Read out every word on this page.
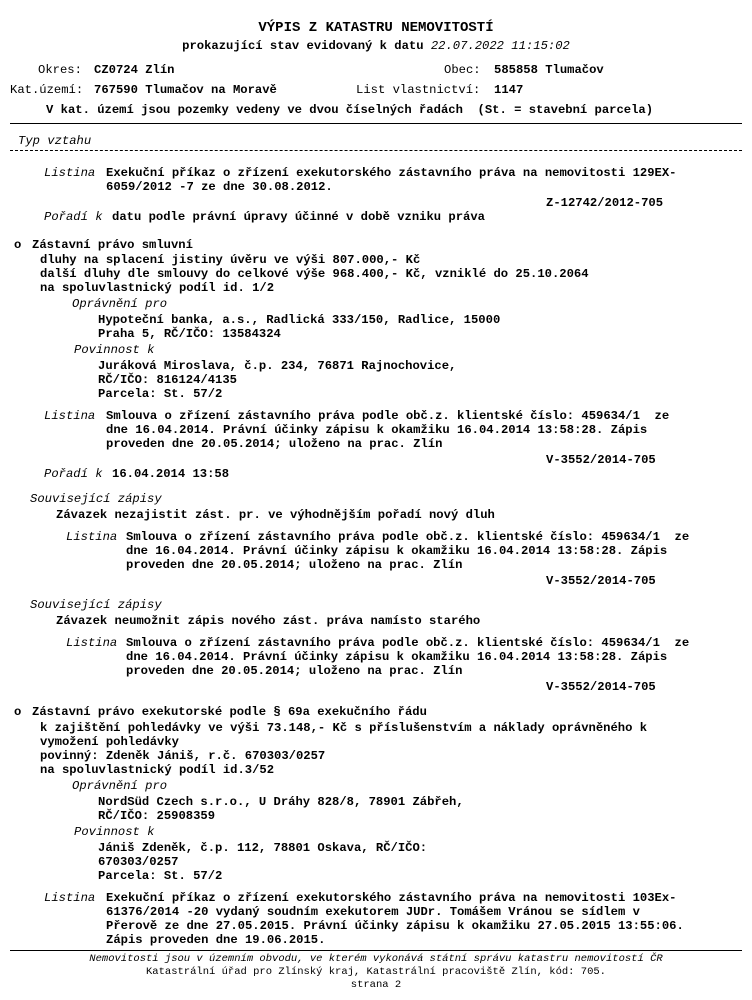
VÝPIS Z KATASTRU NEMOVITOSTÍ
prokazující stav evidovaný k datu 22.07.2022 11:15:02
Okres: CZ0724 Zlín	Obec: 585858 Tlumačov
Kat.území: 767590 Tlumačov na Moravě	List vlastnictví: 1147
V kat. území jsou pozemky vedeny ve dvou číselných řadách  (St. = stavební parcela)
Typ vztahu
Listina Exekuční příkaz o zřízení exekutorského zástavního práva na nemovitosti 129EX-
6059/2012 -7 ze dne 30.08.2012.
Z-12742/2012-705
Pořadí k datu podle právní úpravy účinné v době vzniku práva
o Zástavní právo smluvní
dluhy na splacení jistiny úvěru ve výši 807.000,- Kč
další dluhy dle smlouvy do celkové výše 968.400,- Kč, vzniklé do 25.10.2064
na spoluvlastnický podíl id. 1/2
Oprávnění pro
Hypoteční banka, a.s., Radlická 333/150, Radlice, 15000
Praha 5, RČ/IČO: 13584324
Povinnost k
Juráková Miroslava, č.p. 234, 76871 Rajnochovice,
RČ/IČO: 816124/4135
Parcela: St. 57/2
Listina Smlouva o zřízení zástavního práva podle obč.z. klientské číslo: 459634/1  ze
dne 16.04.2014. Právní účinky zápisu k okamžiku 16.04.2014 13:58:28. Zápis
proveden dne 20.05.2014; uloženo na prac. Zlín
V-3552/2014-705
Pořadí k 16.04.2014 13:58
Související zápisy
Závazek nezajistit zást. pr. ve výhodnějším pořadí nový dluh
Listina Smlouva o zřízení zástavního práva podle obč.z. klientské číslo: 459634/1  ze
dne 16.04.2014. Právní účinky zápisu k okamžiku 16.04.2014 13:58:28. Zápis
proveden dne 20.05.2014; uloženo na prac. Zlín
V-3552/2014-705
Související zápisy
Závazek neumožnit zápis nového zást. práva namísto starého
Listina Smlouva o zřízení zástavního práva podle obč.z. klientské číslo: 459634/1  ze
dne 16.04.2014. Právní účinky zápisu k okamžiku 16.04.2014 13:58:28. Zápis
proveden dne 20.05.2014; uloženo na prac. Zlín
V-3552/2014-705
o Zástavní právo exekutorské podle § 69a exekučního řádu
k zajištění pohledávky ve výši 73.148,- Kč s příslušenstvím a náklady oprávněného k
vymožení pohledávky
povinný: Zdeněk Jániš, r.č. 670303/0257
na spoluvlastnický podíl id.3/52
Oprávnění pro
NordSüd Czech s.r.o., U Dráhy 828/8, 78901 Zábřeh,
RČ/IČO: 25908359
Povinnost k
Jániš Zdeněk, č.p. 112, 78801 Oskava, RČ/IČO:
670303/0257
Parcela: St. 57/2
Listina Exekuční příkaz o zřízení exekutorského zástavního práva na nemovitosti 103Ex-
61376/2014 -20 vydaný soudním exekutorem JUDr. Tomášem Vránou se sídlem v
Přerově ze dne 27.05.2015. Právní účinky zápisu k okamžiku 27.05.2015 13:55:06.
Zápis proveden dne 19.06.2015.
Nemovitosti jsou v územním obvodu, ve kterém vykonává státní správu katastru nemovitostí ČR
Katastrální úřad pro Zlínský kraj, Katastrální pracoviště Zlín, kód: 705.
strana 2
